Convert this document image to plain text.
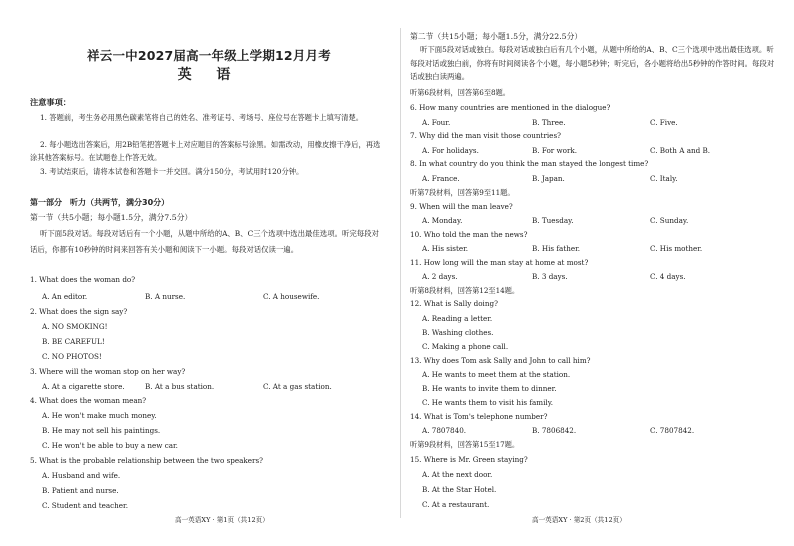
祥云一中2027届高一年级上学期12月月考
英 语
注意事项：
1. 答题前，考生务必用黑色碳素笔将自己的姓名、准考证号、考场号、座位号在答题卡上填写清楚。
2. 每小题选出答案后，用2B铅笔把答题卡上对应题目的答案标号涂黑。如需改动，用橡皮擦干净后，再选涂其他答案标号。在试题卷上作答无效。
3. 考试结束后，请将本试卷和答题卡一并交回。满分150分，考试用时120分钟。
第一部分　听力（共两节，满分30分）
第一节（共5小题；每小题1.5分，满分7.5分）
听下面5段对话。每段对话后有一个小题，从题中所给的A、B、C三个选项中选出最佳选项。听完每段对话后，你都有10秒钟的时间来回答有关小题和阅读下一小题。每段对话仅读一遍。
1. What does the woman do?
A. An editor.	B. A nurse.	C. A housewife.
2. What does the sign say?
A. NO SMOKING!
B. BE CAREFUL!
C. NO PHOTOS!
3. Where will the woman stop on her way?
A. At a cigarette store.	B. At a bus station.	C. At a gas station.
4. What does the woman mean?
A. He won't make much money.
B. He may not sell his paintings.
C. He won't be able to buy a new car.
5. What is the probable relationship between the two speakers?
A. Husband and wife.
B. Patient and nurse.
C. Student and teacher.
高一英语XY · 第1页（共12页）
第二节（共15小题；每小题1.5分，满分22.5分）
听下面5段对话或独白。每段对话或独白后有几个小题，从题中所给的A、B、C三个选项中选出最佳选项。听每段对话或独白前，你将有时间阅读各个小题，每小题5秒钟；听完后，各小题将给出5秒钟的作答时间。每段对话或独白读两遍。
听第6段材料，回答第6至8题。
6. How many countries are mentioned in the dialogue?
A. Four.	B. Three.	C. Five.
7. Why did the man visit those countries?
A. For holidays.	B. For work.	C. Both A and B.
8. In what country do you think the man stayed the longest time?
A. France.	B. Japan.	C. Italy.
听第7段材料，回答第9至11题。
9. When will the man leave?
A. Monday.	B. Tuesday.	C. Sunday.
10. Who told the man the news?
A. His sister.	B. His father.	C. His mother.
11. How long will the man stay at home at most?
A. 2 days.	B. 3 days.	C. 4 days.
听第8段材料，回答第12至14题。
12. What is Sally doing?
A. Reading a letter.
B. Washing clothes.
C. Making a phone call.
13. Why does Tom ask Sally and John to call him?
A. He wants to meet them at the station.
B. He wants to invite them to dinner.
C. He wants them to visit his family.
14. What is Tom's telephone number?
A. 7807840.	B. 7806842.	C. 7807842.
听第9段材料，回答第15至17题。
15. Where is Mr. Green staying?
A. At the next door.
B. At the Star Hotel.
C. At a restaurant.
高一英语XY · 第2页（共12页）
